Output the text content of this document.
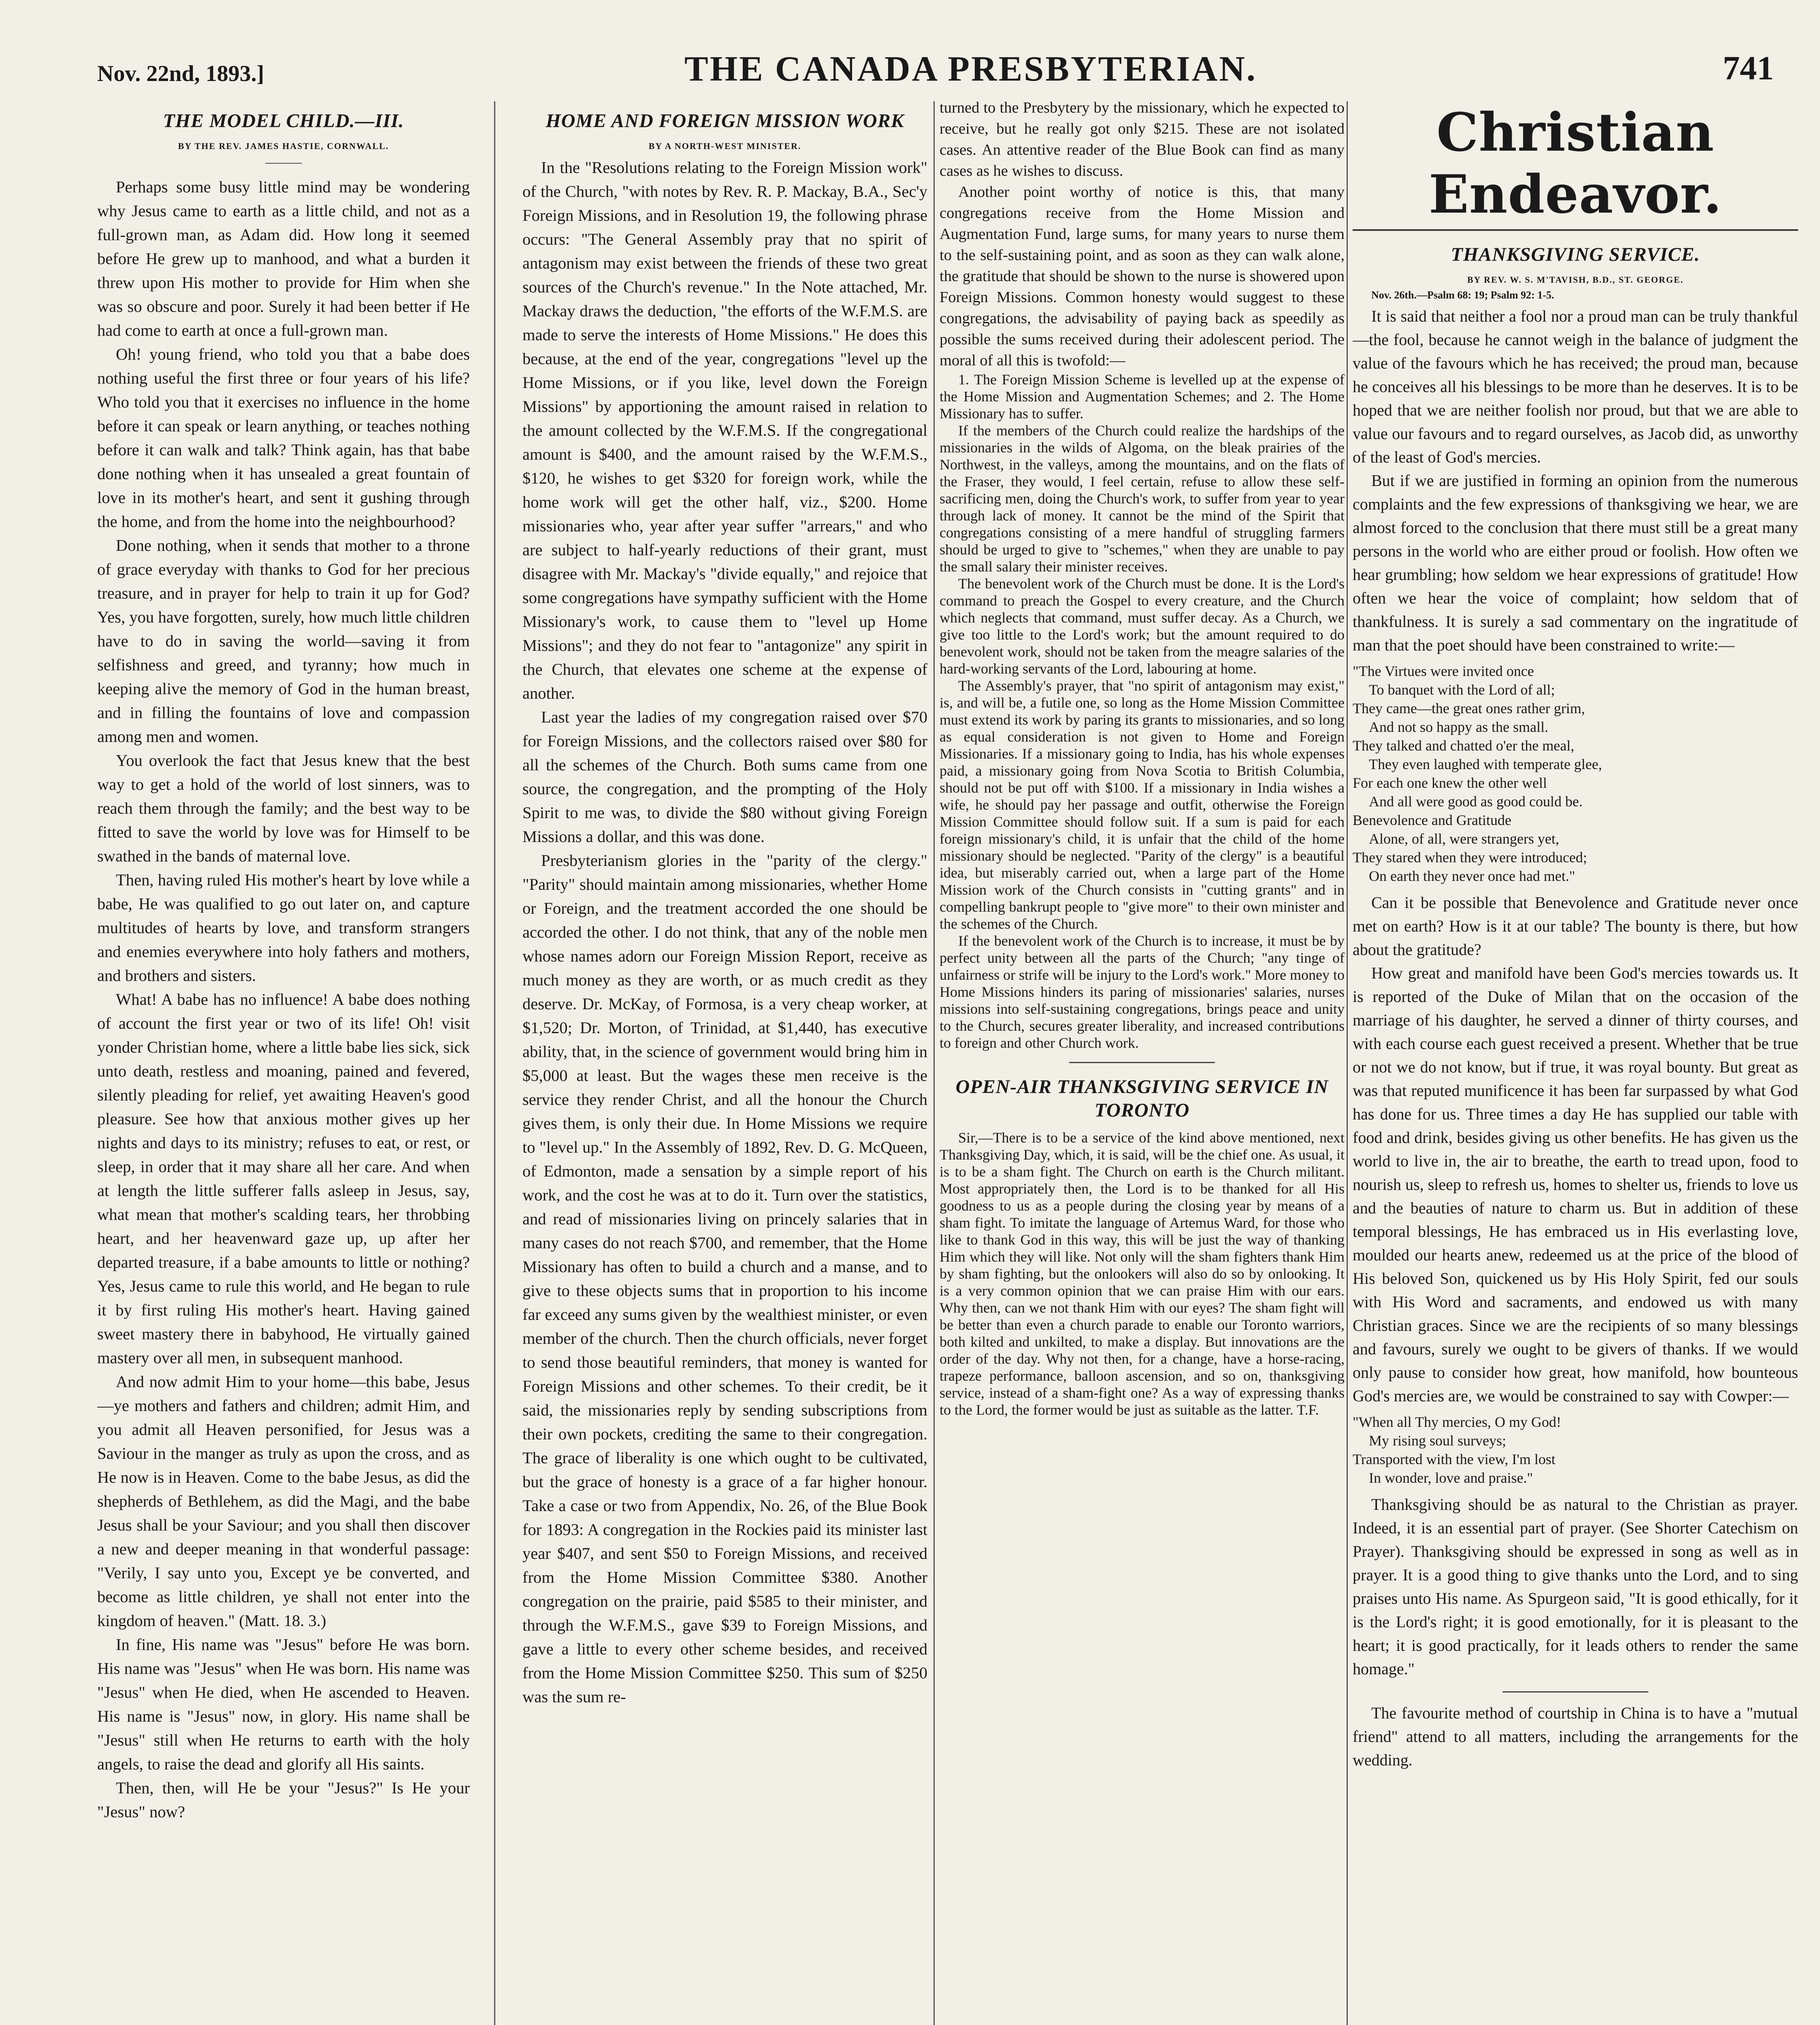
Nov. 22nd, 1893.]	THE CANADA PRESBYTERIAN.	741
THE MODEL CHILD.—III.
BY THE REV. JAMES HASTIE, CORNWALL.
———

Perhaps some busy little mind may be wondering why Jesus came to earth as a little child, and not as a full-grown man, as Adam did. How long it seemed before He grew up to manhood, and what a burden it threw upon His mother to provide for Him when she was so obscure and poor. Surely it had been better if He had come to earth at once a full-grown man.

Oh! young friend, who told you that a babe does nothing useful the first three or four years of his life? Who told you that it exercises no influence in the home before it can speak or learn anything, or teaches nothing before it can walk and talk? Think again, has that babe done nothing when it has unsealed a great fountain of love in its mother's heart, and sent it gushing through the home, and from the home into the neighbourhood?

Done nothing, when it sends that mother to a throne of grace everyday with thanks to God for her precious treasure, and in prayer for help to train it up for God? Yes, you have forgotten, surely, how much little children have to do in saving the world—saving it from selfishness and greed, and tyranny; how much in keeping alive the memory of God in the human breast, and in filling the fountains of love and compassion among men and women.

You overlook the fact that Jesus knew that the best way to get a hold of the world of lost sinners, was to reach them through the family; and the best way to be fitted to save the world by love was for Himself to be swathed in the bands of maternal love.

Then, having ruled His mother's heart by love while a babe, He was qualified to go out later on, and capture multitudes of hearts by love, and transform strangers and enemies everywhere into holy fathers and mothers, and brothers and sisters.

What! A babe has no influence! A babe does nothing of account the first year or two of its life! Oh! visit yonder Christian home, where a little babe lies sick, sick unto death, restless and moaning, pained and fevered, silently pleading for relief, yet awaiting Heaven's good pleasure. See how that anxious mother gives up her nights and days to its ministry; refuses to eat, or rest, or sleep, in order that it may share all her care. And when at length the little sufferer falls asleep in Jesus, say, what mean that mother's scalding tears, her throbbing heart, and her heavenward gaze up, up after her departed treasure, if a babe amounts to little or nothing? Yes, Jesus came to rule this world, and He began to rule it by first ruling His mother's heart. Having gained sweet mastery there in babyhood, He virtually gained mastery over all men, in subsequent manhood.

And now admit Him to your home—this babe, Jesus—ye mothers and fathers and children; admit Him, and you admit all Heaven personified, for Jesus was a Saviour in the manger as truly as upon the cross, and as He now is in Heaven. Come to the babe Jesus, as did the shepherds of Bethlehem, as did the Magi, and the babe Jesus shall be your Saviour; and you shall then discover a new and deeper meaning in that wonderful passage: "Verily, I say unto you, Except ye be converted, and become as little children, ye shall not enter into the kingdom of heaven." (Matt. 18. 3.)

In fine, His name was "Jesus" before He was born. His name was "Jesus" when He was born. His name was "Jesus" when He died, when He ascended to Heaven. His name is "Jesus" now, in glory. His name shall be "Jesus" still when He returns to earth with the holy angels, to raise the dead and glorify all His saints.

Then, then, will He be your "Jesus?" Is He your "Jesus" now?

HOME AND FOREIGN MISSION WORK
BY A NORTH-WEST MINISTER.

In the "Resolutions relating to the Foreign Mission work" of the Church, "with notes by Rev. R. P. Mackay, B.A., Sec'y Foreign Missions, and in Resolution 19, the following phrase occurs: "The General Assembly pray that no spirit of antagonism may exist between the friends of these two great sources of the Church's revenue." In the Note attached, Mr. Mackay draws the deduction, "the efforts of the W.F.M.S. are made to serve the interests of Home Missions." He does this because, at the end of the year, congregations "level up the Home Missions, or if you like, level down the Foreign Missions" by apportioning the amount raised in relation to the amount collected by the W.F.M.S. If the congregational amount is $400, and the amount raised by the W.F.M.S., $120, he wishes to get $320 for foreign work, while the home work will get the other half, viz., $200. Home missionaries who, year after year suffer "arrears," and who are subject to half-yearly reductions of their grant, must disagree with Mr. Mackay's "divide equally," and rejoice that some congregations have sympathy sufficient with the Home Missionary's work, to cause them to "level up Home Missions"; and they do not fear to "antagonize" any spirit in the Church, that elevates one scheme at the expense of another.

Last year the ladies of my congregation raised over $70 for Foreign Missions, and the collectors raised over $80 for all the schemes of the Church. Both sums came from one source, the congregation, and the prompting of the Holy Spirit to me was, to divide the $80 without giving Foreign Missions a dollar, and this was done.

Presbyterianism glories in the "parity of the clergy." "Parity" should maintain among missionaries, whether Home or Foreign, and the treatment accorded the one should be accorded the other. I do not think, that any of the noble men whose names adorn our Foreign Mission Report, receive as much money as they are worth, or as much credit as they deserve. Dr. McKay, of Formosa, is a very cheap worker, at $1,520; Dr. Morton, of Trinidad, at $1,440, has executive ability, that, in the science of government would bring him in $5,000 at least. But the wages these men receive is the service they render Christ, and all the honour the Church gives them, is only their due. In Home Missions we require to "level up." In the Assembly of 1892, Rev. D. G. McQueen, of Edmonton, made a sensation by a simple report of his work, and the cost he was at to do it. Turn over the statistics, and read of missionaries living on princely salaries that in many cases do not reach $700, and remember, that the Home Missionary has often to build a church and a manse, and to give to these objects sums that in proportion to his income far exceed any sums given by the wealthiest minister, or even member of the church. Then the church officials, never forget to send those beautiful reminders, that money is wanted for Foreign Missions and other schemes. To their credit, be it said, the missionaries reply by sending subscriptions from their own pockets, crediting the same to their congregation. The grace of liberality is one which ought to be cultivated, but the grace of honesty is a grace of a far higher honour. Take a case or two from Appendix, No. 26, of the Blue Book for 1893: A congregation in the Rockies paid its minister last year $407, and sent $50 to Foreign Missions, and received from the Home Mission Committee $380. Another congregation on the prairie, paid $585 to their minister, and through the W.F.M.S., gave $39 to Foreign Missions, and gave a little to every other scheme besides, and received from the Home Mission Committee $250. This sum of $250 was the sum re-

turned to the Presbytery by the missionary, which he expected to receive, but he really got only $215. These are not isolated cases. An attentive reader of the Blue Book can find as many cases as he wishes to discuss.

Another point worthy of notice is this, that many congregations receive from the Home Mission and Augmentation Fund, large sums, for many years to nurse them to the self-sustaining point, and as soon as they can walk alone, the gratitude that should be shown to the nurse is showered upon Foreign Missions. Common honesty would suggest to these congregations, the advisability of paying back as speedily as possible the sums received during their adolescent period. The moral of all this is twofold:—

1. The Foreign Mission Scheme is levelled up at the expense of the Home Mission and Augmentation Schemes; and 2. The Home Missionary has to suffer.

If the members of the Church could realize the hardships of the missionaries in the wilds of Algoma, on the bleak prairies of the Northwest, in the valleys, among the mountains, and on the flats of the Fraser, they would, I feel certain, refuse to allow these self-sacrificing men, doing the Church's work, to suffer from year to year through lack of money. It cannot be the mind of the Spirit that congregations consisting of a mere handful of struggling farmers should be urged to give to "schemes," when they are unable to pay the small salary their minister receives.

The benevolent work of the Church must be done. It is the Lord's command to preach the Gospel to every creature, and the Church which neglects that command, must suffer decay. As a Church, we give too little to the Lord's work; but the amount required to do benevolent work, should not be taken from the meagre salaries of the hard-working servants of the Lord, labouring at home.

The Assembly's prayer, that "no spirit of antagonism may exist," is, and will be, a futile one, so long as the Home Mission Committee must extend its work by paring its grants to missionaries, and so long as equal consideration is not given to Home and Foreign Missionaries. If a missionary going to India, has his whole expenses paid, a missionary going from Nova Scotia to British Columbia, should not be put off with $100. If a missionary in India wishes a wife, he should pay her passage and outfit, otherwise the Foreign Mission Committee should follow suit. If a sum is paid for each foreign missionary's child, it is unfair that the child of the home missionary should be neglected. "Parity of the clergy" is a beautiful idea, but miserably carried out, when a large part of the Home Mission work of the Church consists in "cutting grants" and in compelling bankrupt people to "give more" to their own minister and the schemes of the Church.

If the benevolent work of the Church is to increase, it must be by perfect unity between all the parts of the Church; "any tinge of unfairness or strife will be injury to the Lord's work." More money to Home Missions hinders its paring of missionaries' salaries, nurses missions into self-sustaining congregations, brings peace and unity to the Church, secures greater liberality, and increased contributions to foreign and other Church work.

OPEN-AIR THANKSGIVING SERVICE IN TORONTO

Sir,—There is to be a service of the kind above mentioned, next Thanksgiving Day, which, it is said, will be the chief one. As usual, it is to be a sham fight. The Church on earth is the Church militant. Most appropriately then, the Lord is to be thanked for all His goodness to us as a people during the closing year by means of a sham fight. To imitate the language of Artemus Ward, for those who like to thank God in this way, this will be just the way of thanking Him which they will like. Not only will the sham fighters thank Him by sham fighting, but the onlookers will also do so by onlooking. It is a very common opinion that we can praise Him with our ears. Why then, can we not thank Him with our eyes? The sham fight will be better than even a church parade to enable our Toronto warriors, both kilted and unkilted, to make a display. But innovations are the order of the day. Why not then, for a change, have a horse-racing, trapeze performance, balloon ascension, and so on, thanksgiving service, instead of a sham-fight one? As a way of expressing thanks to the Lord, the former would be just as suitable as the latter. T.F.

Christian Endeavor.
THANKSGIVING SERVICE.
BY REV. W. S. M'TAVISH, B.D., ST. GEORGE.
Nov. 26th.—Psalm 68: 19; Psalm 92: 1-5.

It is said that neither a fool nor a proud man can be truly thankful—the fool, because he cannot weigh in the balance of judgment the value of the favours which he has received; the proud man, because he conceives all his blessings to be more than he deserves. It is to be hoped that we are neither foolish nor proud, but that we are able to value our favours and to regard ourselves, as Jacob did, as unworthy of the least of God's mercies.

But if we are justified in forming an opinion from the numerous complaints and the few expressions of thanksgiving we hear, we are almost forced to the conclusion that there must still be a great many persons in the world who are either proud or foolish. How often we hear grumbling; how seldom we hear expressions of gratitude! How often we hear the voice of complaint; how seldom that of thankfulness. It is surely a sad commentary on the ingratitude of man that the poet should have been constrained to write:—

"The Virtues were invited once
To banquet with the Lord of all;
They came—the great ones rather grim,
And not so happy as the small.
They talked and chatted o'er the meal,
They even laughed with temperate glee,
For each one knew the other well
And all were good as good could be.
Benevolence and Gratitude
Alone, of all, were strangers yet,
They stared when they were introduced;
On earth they never once had met."

Can it be possible that Benevolence and Gratitude never once met on earth? How is it at our table? The bounty is there, but how about the gratitude?

How great and manifold have been God's mercies towards us. It is reported of the Duke of Milan that on the occasion of the marriage of his daughter, he served a dinner of thirty courses, and with each course each guest received a present. Whether that be true or not we do not know, but if true, it was royal bounty. But great as was that reputed munificence it has been far surpassed by what God has done for us. Three times a day He has supplied our table with food and drink, besides giving us other benefits. He has given us the world to live in, the air to breathe, the earth to tread upon, food to nourish us, sleep to refresh us, homes to shelter us, friends to love us and the beauties of nature to charm us. But in addition of these temporal blessings, He has embraced us in His everlasting love, moulded our hearts anew, redeemed us at the price of the blood of His beloved Son, quickened us by His Holy Spirit, fed our souls with His Word and sacraments, and endowed us with many Christian graces. Since we are the recipients of so many blessings and favours, surely we ought to be givers of thanks. If we would only pause to consider how great, how manifold, how bounteous God's mercies are, we would be constrained to say with Cowper:—

"When all Thy mercies, O my God!
My rising soul surveys;
Transported with the view, I'm lost
In wonder, love and praise."

Thanksgiving should be as natural to the Christian as prayer. Indeed, it is an essential part of prayer. (See Shorter Catechism on Prayer). Thanksgiving should be expressed in song as well as in prayer. It is a good thing to give thanks unto the Lord, and to sing praises unto His name. As Spurgeon said, "It is good ethically, for it is the Lord's right; it is good emotionally, for it is pleasant to the heart; it is good practically, for it leads others to render the same homage."

The favourite method of courtship in China is to have a "mutual friend" attend to all matters, including the arrangements for the wedding.
